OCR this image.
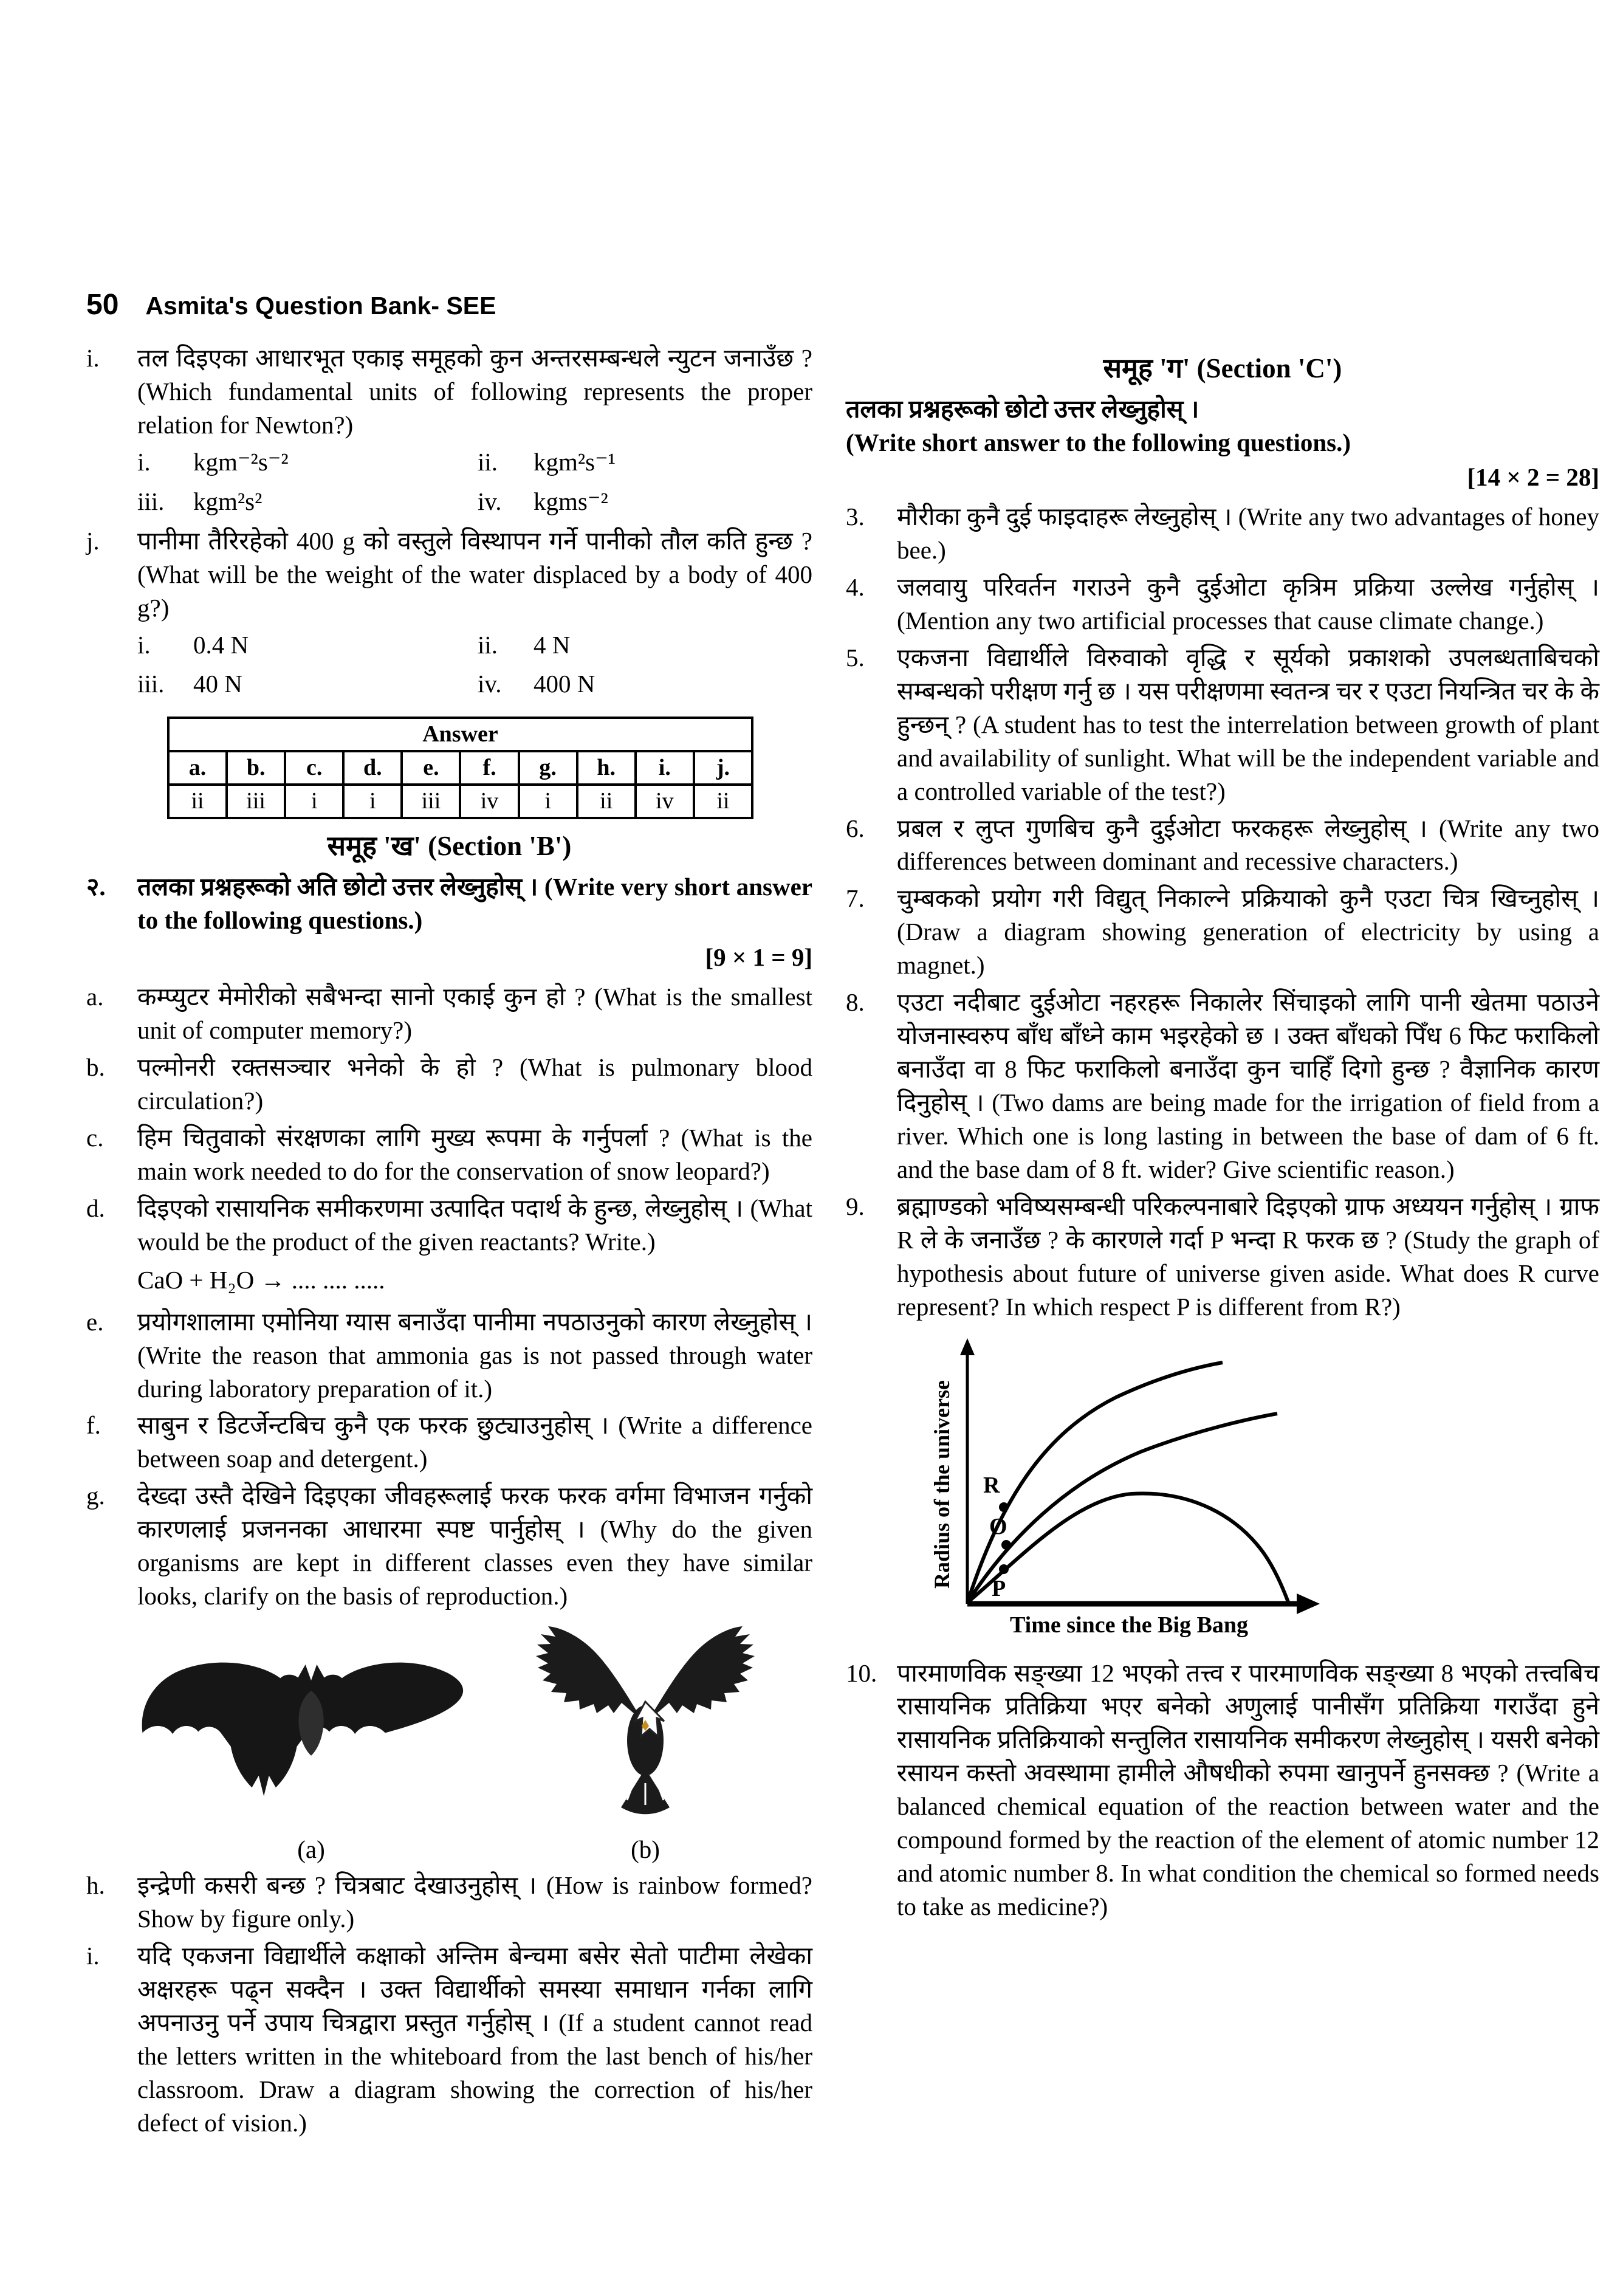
50 Asmita's Question Bank- SEE
i. तल दिइएका आधारभूत एकाइ समूहको कुन अन्तरसम्बन्धले न्युटन जनाउँछ ? (Which fundamental units of following represents the proper relation for Newton?)
i.	kgm⁻²s⁻²	ii.	kgm²s⁻¹
iii.	kgm²s²	iv.	kgms⁻²
j. पानीमा तैरिरहेको 400 g को वस्तुले विस्थापन गर्ने पानीको तौल कति हुन्छ ? (What will be the weight of the water displaced by a body of 400 g?)
i.	0.4 N	ii.	4 N
iii.	40 N	iv.	400 N
Answer									
a.	b.	c.	d.	e.	f.	g.	h.	i.	j.
ii	iii	i	i	iii	iv	i	ii	iv	ii
समूह 'ख' (Section 'B')
२. तलका प्रश्नहरूको अति छोटो उत्तर लेख्नुहोस् । (Write very short answer to the following questions.)
[9 × 1 = 9]
a. कम्प्युटर मेमोरीको सबैभन्दा सानो एकाई कुन हो ? (What is the smallest unit of computer memory?)
b. पल्मोनरी रक्तसञ्चार भनेको के हो ? (What is pulmonary blood circulation?)
c. हिम चितुवाको संरक्षणका लागि मुख्य रूपमा के गर्नुपर्ला ? (What is the main work needed to do for the conservation of snow leopard?)
d. दिइएको रासायनिक समीकरणमा उत्पादित पदार्थ के हुन्छ, लेख्नुहोस् । (What would be the product of the given reactants? Write.)
CaO + H₂O → .... .... .....
e. प्रयोगशालामा एमोनिया ग्यास बनाउँदा पानीमा नपठाउनुको कारण लेख्नुहोस् । (Write the reason that ammonia gas is not passed through water during laboratory preparation of it.)
f. साबुन र डिटर्जेन्टबिच कुनै एक फरक छुट्याउनुहोस् । (Write a difference between soap and detergent.)
g. देख्दा उस्तै देखिने दिइएका जीवहरूलाई फरक फरक वर्गमा विभाजन गर्नुको कारणलाई प्रजननका आधारमा स्पष्ट पार्नुहोस् । (Why do the given organisms are kept in different classes even they have similar looks, clarify on the basis of reproduction.)
(a)	(b)
h. इन्द्रेणी कसरी बन्छ ? चित्रबाट देखाउनुहोस् । (How is rainbow formed? Show by figure only.)
i. यदि एकजना विद्यार्थीले कक्षाको अन्तिम बेन्चमा बसेर सेतो पाटीमा लेखेका अक्षरहरू पढ्न सक्दैन । उक्त विद्यार्थीको समस्या समाधान गर्नका लागि अपनाउनु पर्ने उपाय चित्रद्वारा प्रस्तुत गर्नुहोस् । (If a student cannot read the letters written in the whiteboard from the last bench of his/her classroom. Draw a diagram showing the correction of his/her defect of vision.)
समूह 'ग' (Section 'C')
तलका प्रश्नहरूको छोटो उत्तर लेख्नुहोस् ।
(Write short answer to the following questions.)
[14 × 2 = 28]
3. मौरीका कुनै दुई फाइदाहरू लेख्नुहोस् । (Write any two advantages of honey bee.)
4. जलवायु परिवर्तन गराउने कुनै दुईओटा कृत्रिम प्रक्रिया उल्लेख गर्नुहोस् । (Mention any two artificial processes that cause climate change.)
5. एकजना विद्यार्थीले विरुवाको वृद्धि र सूर्यको प्रकाशको उपलब्धताबिचको सम्बन्धको परीक्षण गर्नु छ । यस परीक्षणमा स्वतन्त्र चर र एउटा नियन्त्रित चर के के हुन्छन् ? (A student has to test the interrelation between growth of plant and availability of sunlight. What will be the independent variable and a controlled variable of the test?)
6. प्रबल र लुप्त गुणबिच कुनै दुईओटा फरकहरू लेख्नुहोस् । (Write any two differences between dominant and recessive characters.)
7. चुम्बकको प्रयोग गरी विद्युत् निकाल्ने प्रक्रियाको कुनै एउटा चित्र खिच्नुहोस् । (Draw a diagram showing generation of electricity by using a magnet.)
8. एउटा नदीबाट दुईओटा नहरहरू निकालेर सिंचाइको लागि पानी खेतमा पठाउने योजनास्वरुप बाँध बाँध्ने काम भइरहेको छ । उक्त बाँधको पिँध 6 फिट फराकिलो बनाउँदा वा 8 फिट फराकिलो बनाउँदा कुन चाहिँ दिगो हुन्छ ? वैज्ञानिक कारण दिनुहोस् । (Two dams are being made for the irrigation of field from a river. Which one is long lasting in between the base of dam of 6 ft. and the base dam of 8 ft. wider? Give scientific reason.)
9. ब्रह्माण्डको भविष्यसम्बन्धी परिकल्पनाबारे दिइएको ग्राफ अध्ययन गर्नुहोस् । ग्राफ R ले के जनाउँछ ? के कारणले गर्दा P भन्दा R फरक छ ? (Study the graph of hypothesis about future of universe given aside. What does R curve represent? In which respect P is different from R?)
R
O
P
Radius of the universe
Time since the Big Bang
10. पारमाणविक सङ्ख्या 12 भएको तत्त्व र पारमाणविक सङ्ख्या 8 भएको तत्त्वबिच रासायनिक प्रतिक्रिया भएर बनेको अणुलाई पानीसँग प्रतिक्रिया गराउँदा हुने रासायनिक प्रतिक्रियाको सन्तुलित रासायनिक समीकरण लेख्नुहोस् । यसरी बनेको रसायन कस्तो अवस्थामा हामीले औषधीको रुपमा खानुपर्ने हुनसक्छ ? (Write a balanced chemical equation of the reaction between water and the compound formed by the reaction of the element of atomic number 12 and atomic number 8. In what condition the chemical so formed needs to take as medicine?)
